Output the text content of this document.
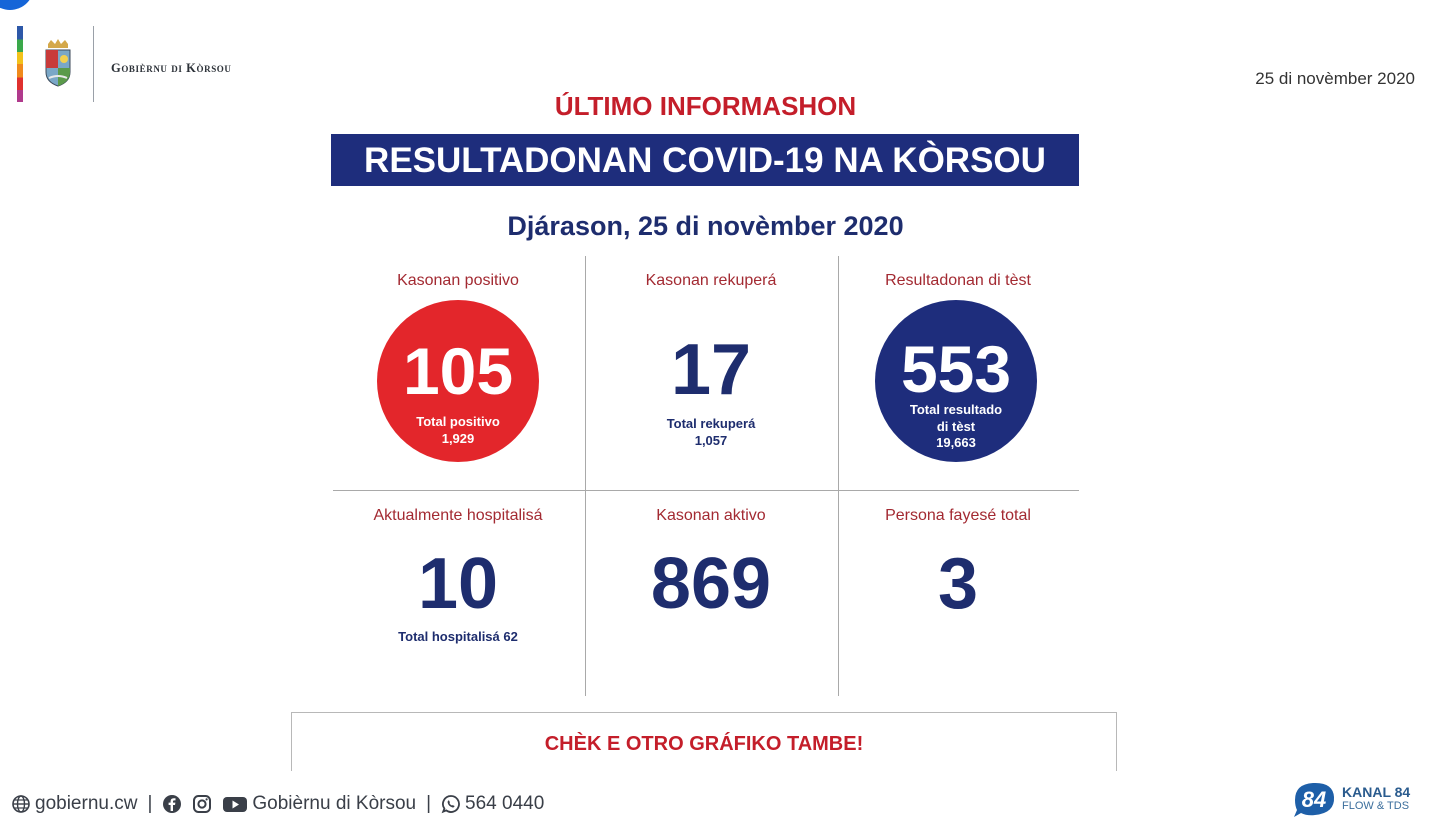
Gobièrnu di Kòrsou
25 di novèmber 2020
ÚLTIMO INFORMASHON
RESULTADONAN COVID-19 NA KÒRSOU
Djárason, 25 di novèmber 2020
Kasonan positivo
105
Total positivo
1,929
Kasonan rekuperá
17
Total rekuperá
1,057
Resultadonan di tèst
553
Total resultado
di tèst
19,663
Aktualmente hospitalisá
10
Total hospitalisá 62
Kasonan aktivo
869
Persona fayesé total
3
CHÈK E OTRO GRÁFIKO TAMBE!
gobiernu.cw |	Gobièrnu di Kòrsou | 564 0440	84 KANAL 84
FLOW & TDS
